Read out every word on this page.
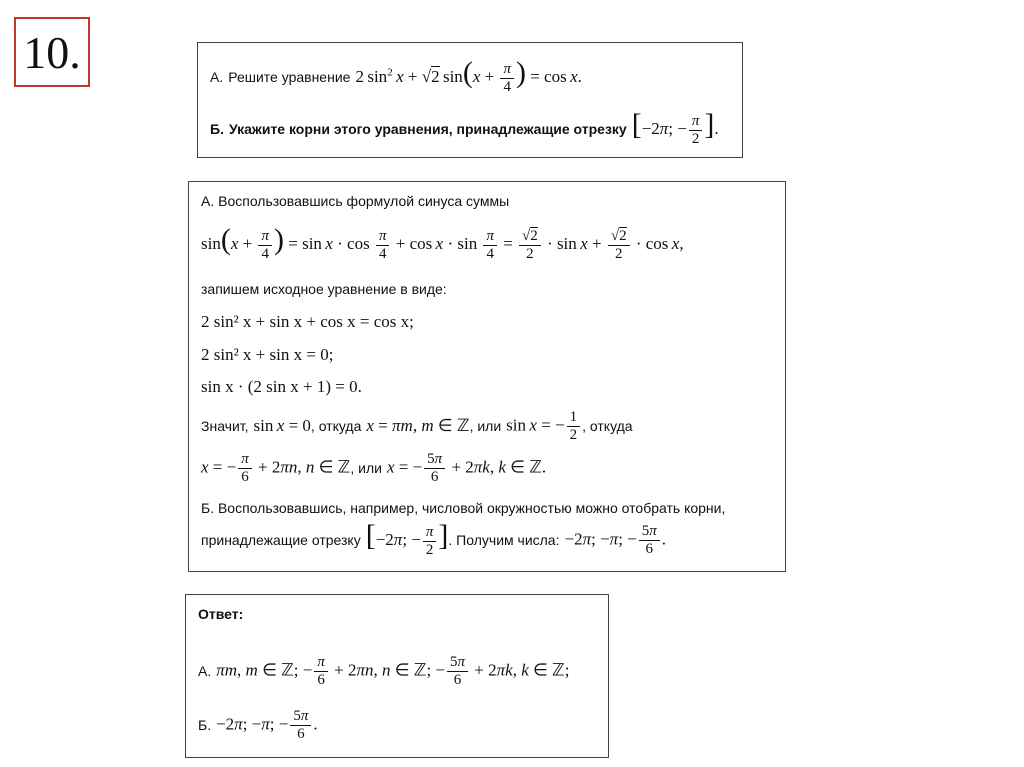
10.	А. Решите уравнение 2 $\sin^2 x + √2$ $\sin(x + \frac{\pi}{4}$ ) = cos x.
Б. Укажите корни этого уравнения, принадлежащие отрезку [−2π; − $\frac{\pi}{2}$ ].
А. Воспользовавшись формулой синуса суммы
$\sin(x + \frac{\pi}{4}$ ) = $\sin x \cdot \cos \frac{\pi}{4} + \cos x \cdot \sin \frac{\pi}{4} = \frac{√2}{2} \cdot \sin x + \frac{√2}{2} \cdot \cos x$,
запишем исходное уравнение в виде:
2 sin² x + sin x + cos x = cos x;
2 sin² x + sin x = 0;
sin x · (2 sin x + 1) = 0.
Значит, sin x = 0 , откуда x = πm, m ∈ ℤ , или sin x = − $\frac{1}{2}$ , откуда
x = − $\frac{\pi}{6} + 2\pi n$, n ∈ ℤ , или x = − $\frac{5\pi}{6} + 2\pi k$, k ∈ ℤ.
Б. Воспользовавшись, например, числовой окружностью можно отобрать корни,
принадлежащие отрезку [−2π; − $\frac{\pi}{2}$ ] . Получим числа: −2π; −π; − $\frac{5\pi}{6}$ .
Ответ:
А. πm, m ∈ ℤ; − $\frac{\pi}{6} + 2\pi n$, n ∈ ℤ; − $\frac{5\pi}{6} + 2\pi k$, k ∈ ℤ;
Б. −2π; −π; − $\frac{5\pi}{6}$ .
